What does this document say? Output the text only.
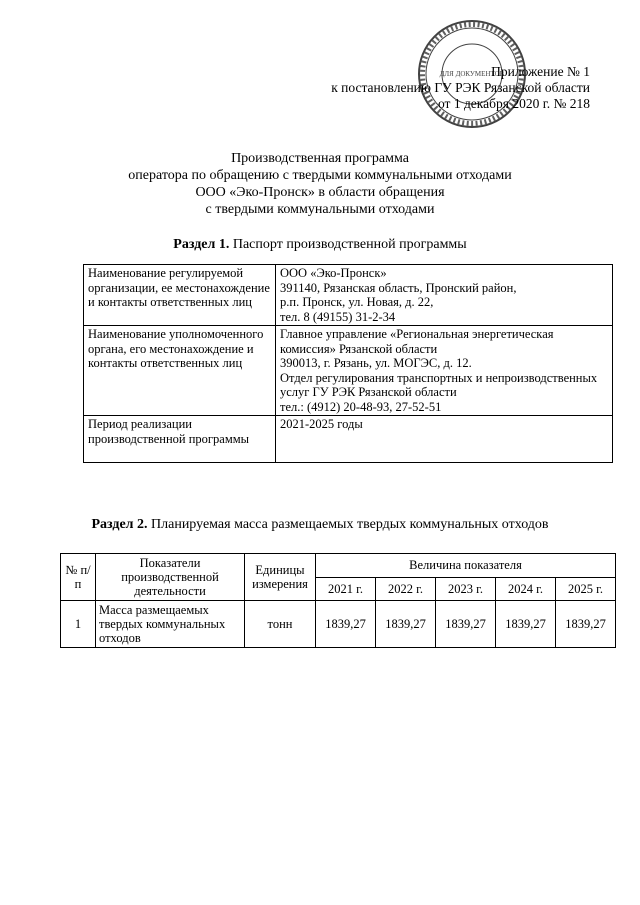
ДЛЯ ДОКУМЕНТОВ
Приложение № 1
к постановлению ГУ РЭК Рязанской области
от 1 декабря 2020 г. № 218
Производственная программа
оператора по обращению с твердыми коммунальными отходами
ООО «Эко-Пронск» в области обращения
с твердыми коммунальными отходами
Раздел 1. Паспорт производственной программы
Наименование регулируемой организации, ее местонахождение и контакты ответственных лиц	ООО «Эко-Пронск»
391140, Рязанская область, Пронский район,
р.п. Пронск, ул. Новая, д. 22,
тел. 8 (49155) 31-2-34

Наименование уполномоченного органа, его местонахождение и контакты ответственных лиц	Главное управление «Региональная энергетическая комиссия» Рязанской области
390013, г. Рязань, ул. МОГЭС, д. 12.
Отдел регулирования транспортных и непроизводственных услуг ГУ РЭК Рязанской области
тел.: (4912) 20-48-93, 27-52-51

Период реализации производственной программы	2021-2025 годы
Раздел 2. Планируемая масса размещаемых твердых коммунальных отходов
№ п/п	Показатели производственной деятельности	Единицы измерения	Величина показателя				
			2021 г.	2022 г.	2023 г.	2024 г.	2025 г.
1	Масса размещаемых твердых коммунальных отходов	тонн	1839,27	1839,27	1839,27	1839,27	1839,27
